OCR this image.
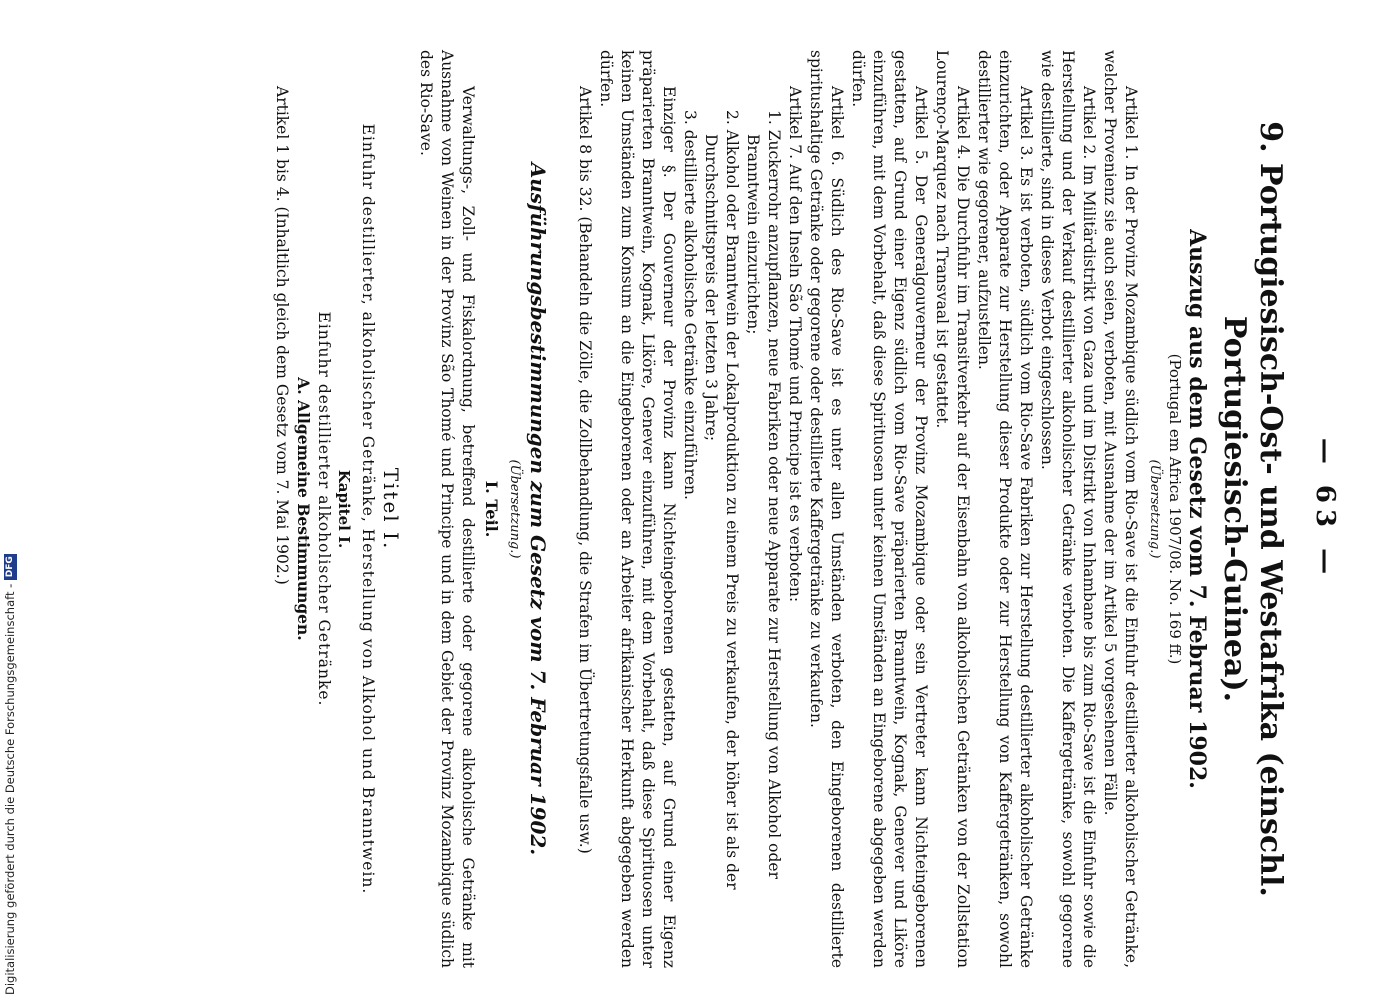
— 63 —
9. Portugiesisch-Ost- und Westafrika (einschl. Portugiesisch-Guinea).
Auszug aus dem Gesetz vom 7. Februar 1902.
(Portugal em Africa 1907/08. No. 169 ff.)
(Übersetzung.)

Artikel 1. In der Provinz Mozambique südlich vom Rio-Save ist die Einfuhr destillierter alkoholischer Getränke, welcher Provenienz sie auch seien, verboten, mit Ausnahme der im Artikel 5 vorgesehenen Fälle.

Artikel 2. Im Militärdistrikt von Gaza und im Distrikt von Inhambane bis zum Rio-Save ist die Einfuhr sowie die Herstellung und der Verkauf destillierter alkoholischer Getränke verboten. Die Kaffergetränke, sowohl gegorene wie destillierte, sind in dieses Verbot eingeschlossen.

Artikel 3. Es ist verboten, südlich vom Rio-Save Fabriken zur Herstellung destillierter alkoholischer Getränke einzurichten, oder Apparate zur Herstellung dieser Produkte oder zur Herstellung von Kaffergetränken, sowohl destillierter wie gegorener, aufzustellen.

Artikel 4. Die Durchfuhr im Transitverkehr auf der Eisenbahn von alkoholischen Getränken von der Zollstation Lourenço-Marquez nach Transvaal ist gestattet.

Artikel 5. Der Generalgouverneur der Provinz Mozambique oder sein Vertreter kann Nichteingeborenen gestatten, auf Grund einer Eigenz südlich vom Rio-Save präparierten Branntwein, Kognak, Genever und Liköre einzuführen, mit dem Vorbehalt, daß diese Spirituosen unter keinen Umständen an Eingeborene abgegeben werden dürfen.

Artikel 6. Südlich des Rio-Save ist es unter allen Umständen verboten, den Eingeborenen destillierte spiritushaltige Getränke oder gegorene oder destillierte Kaffergetränke zu verkaufen.

Artikel 7. Auf den Inseln São Thomé und Principe ist es verboten:

1. Zuckerrohr anzupflanzen, neue Fabriken oder neue Apparate zur Herstellung von Alkohol oder Branntwein einzurichten;
2. Alkohol oder Branntwein der Lokalproduktion zu einem Preis zu verkaufen, der höher ist als der Durchschnittspreis der letzten 3 Jahre;
3. destillierte alkoholische Getränke einzuführen.

Einziger §. Der Gouverneur der Provinz kann Nichteingeborenen gestatten, auf Grund einer Eigenz präparierten Branntwein, Kognak, Liköre, Genever einzuführen, mit dem Vorbehalt, daß diese Spirituosen unter keinen Umständen zum Konsum an die Eingeborenen oder an Arbeiter afrikanischer Herkunft abgegeben werden dürfen.

Artikel 8 bis 32. (Behandeln die Zölle, die Zollbehandlung, die Strafen im Übertretungsfalle usw.)

Ausführungsbestimmungen zum Gesetz vom 7. Februar 1902.
(Übersetzung.)
I. Teil.

Verwaltungs-, Zoll- und Fiskalordnung, betreffend destillierte oder gegorene alkoholische Getränke mit Ausnahme von Weinen in der Provinz São Thomé und Principe und in dem Gebiet der Provinz Mozambique südlich des Rio-Save.

Titel I.
Einfuhr destillierter, alkoholischer Getränke, Herstellung von Alkohol und Branntwein.
Kapitel I.
Einfuhr destillierter alkoholischer Getränke.
A. Allgemeine Bestimmungen.

Artikel 1 bis 4. (Inhaltlich gleich dem Gesetz vom 7. Mai 1902.)

Digitalisierung gefördert durch die Deutsche Forschungsgemeinschaft -
DFG
